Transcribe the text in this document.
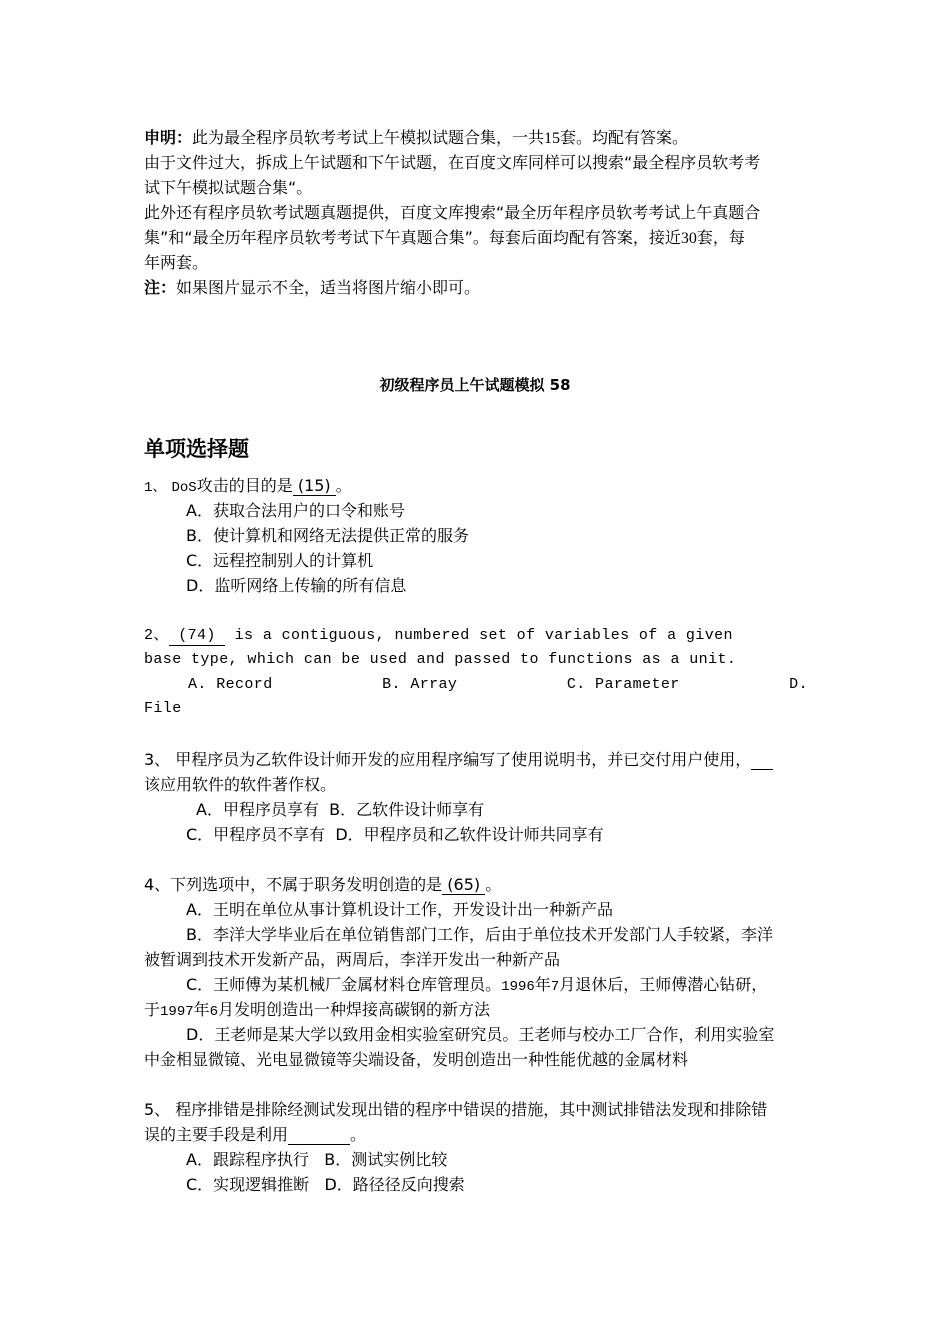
申明：此为最全程序员软考考试上午模拟试题合集，一共15套。均配有答案。
由于文件过大，拆成上午试题和下午试题，在百度文库同样可以搜索“最全程序员软考考
试下午模拟试题合集“。
此外还有程序员软考试题真题提供，百度文库搜索“最全历年程序员软考考试上午真题合
集”和“最全历年程序员软考考试下午真题合集”。每套后面均配有答案，接近30套，每
年两套。
注：如果图片显示不全，适当将图片缩小即可。
初级程序员上午试题模拟 58
单项选择题
1、 DoS攻击的目的是 (15) 。
A．获取合法用户的口令和账号
B．使计算机和网络无法提供正常的服务
C．远程控制别人的计算机
D．监听网络上传输的所有信息
2、 (74)  is a contiguous, numbered set of variables of a given
base type, which can be used and passed to functions as a unit.
A. Record	B. Array	C. Parameter	D.
File
3、 甲程序员为乙软件设计师开发的应用程序编写了使用说明书，并已交付用户使用，
该应用软件的软件著作权。
A．甲程序员享有 B．乙软件设计师享有
C．甲程序员不享有 D．甲程序员和乙软件设计师共同享有
4、下列选项中，不属于职务发明创造的是 (65) 。
A．王明在单位从事计算机设计工作，开发设计出一种新产品
B．李洋大学毕业后在单位销售部门工作，后由于单位技术开发部门人手较紧，李洋
被暂调到技术开发新产品，两周后，李洋开发出一种新产品
C．王师傅为某机械厂金属材料仓库管理员。1996年7月退休后，王师傅潜心钻研，
于1997年6月发明创造出一种焊接高碳钢的新方法
D．王老师是某大学以致用金相实验室研究员。王老师与校办工厂合作，利用实验室
中金相显微镜、光电显微镜等尖端设备，发明创造出一种性能优越的金属材料
5、 程序排错是排除经测试发现出错的程序中错误的措施，其中测试排错法发现和排除错
误的主要手段是利用	。
A．跟踪程序执行 B．测试实例比较
C．实现逻辑推断 D．路径径反向搜索
